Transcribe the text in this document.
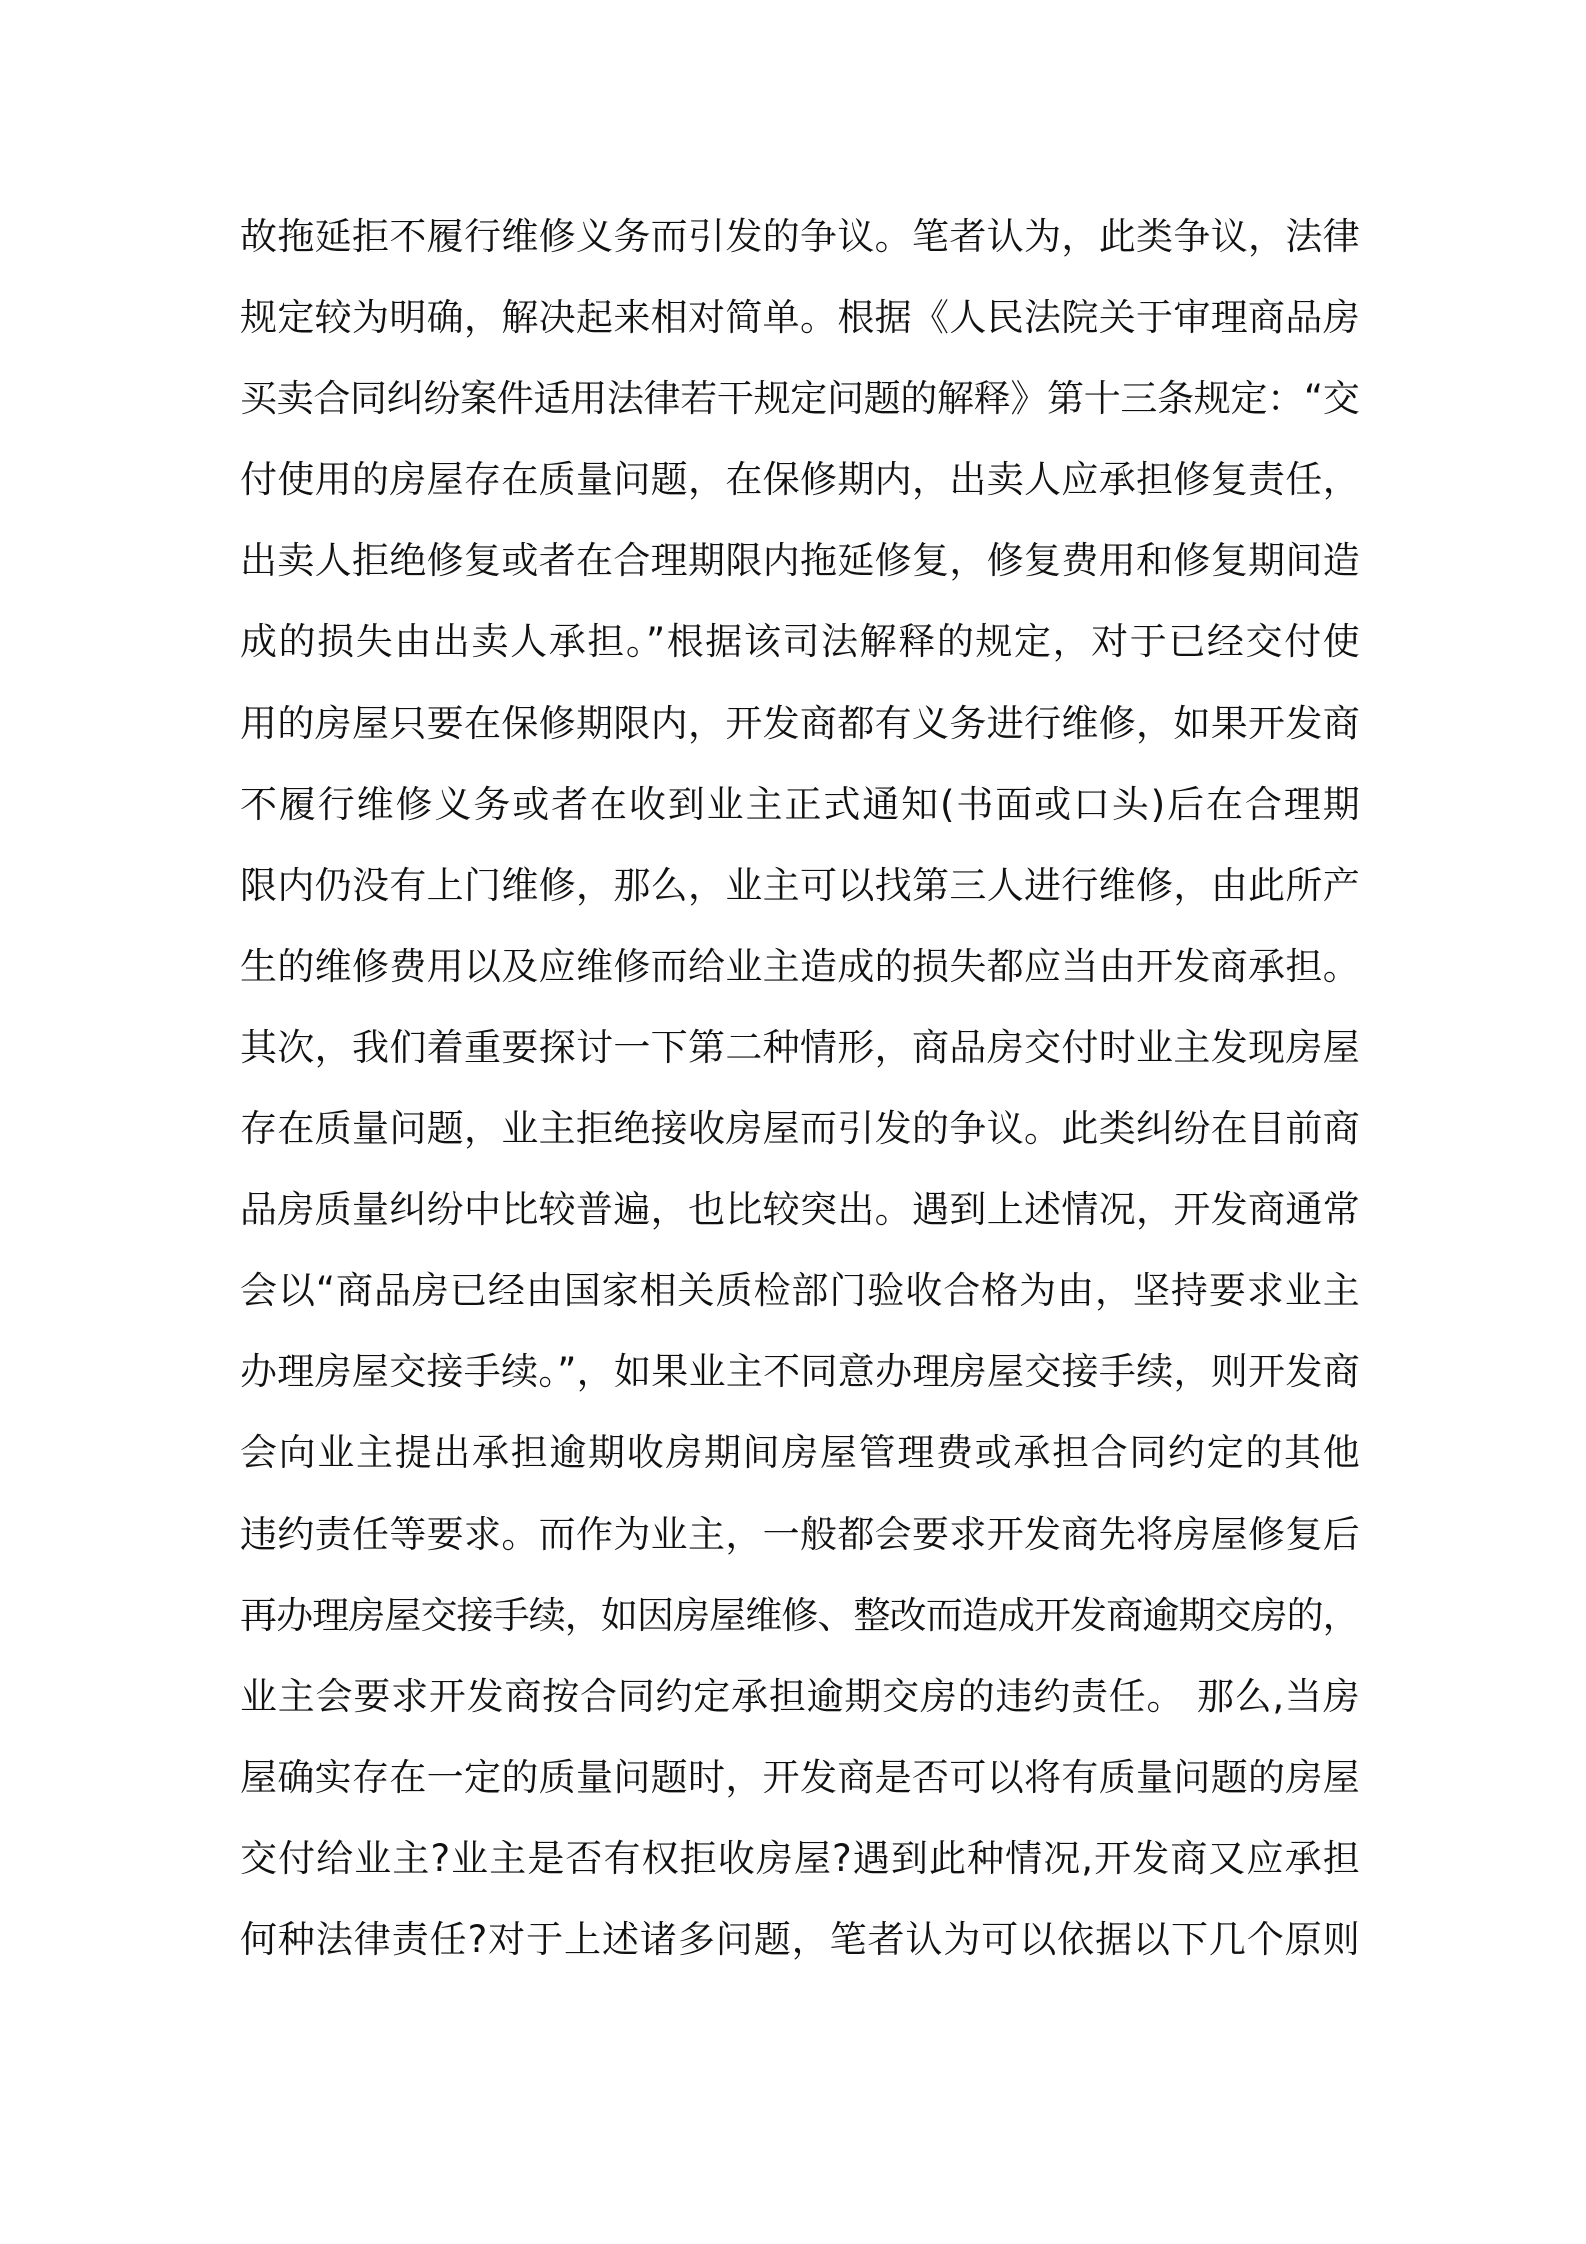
故拖延拒不履行维修义务而引发的争议。笔者认为，此类争议，法律
规定较为明确，解决起来相对简单。根据《人民法院关于审理商品房
买卖合同纠纷案件适用法律若干规定问题的解释》第十三条规定：“交
付使用的房屋存在质量问题，在保修期内，出卖人应承担修复责任，
出卖人拒绝修复或者在合理期限内拖延修复，修复费用和修复期间造
成的损失由出卖人承担。”根据该司法解释的规定，对于已经交付使
用的房屋只要在保修期限内，开发商都有义务进行维修，如果开发商
不履行维修义务或者在收到业主正式通知(书面或口头)后在合理期
限内仍没有上门维修，那么，业主可以找第三人进行维修，由此所产
生的维修费用以及应维修而给业主造成的损失都应当由开发商承担。
其次，我们着重要探讨一下第二种情形，商品房交付时业主发现房屋
存在质量问题，业主拒绝接收房屋而引发的争议。此类纠纷在目前商
品房质量纠纷中比较普遍，也比较突出。遇到上述情况，开发商通常
会以“商品房已经由国家相关质检部门验收合格为由，坚持要求业主
办理房屋交接手续。”，如果业主不同意办理房屋交接手续，则开发商
会向业主提出承担逾期收房期间房屋管理费或承担合同约定的其他
违约责任等要求。而作为业主，一般都会要求开发商先将房屋修复后
再办理房屋交接手续，如因房屋维修、整改而造成开发商逾期交房的，
业主会要求开发商按合同约定承担逾期交房的违约责任。 那么,当房
屋确实存在一定的质量问题时，开发商是否可以将有质量问题的房屋
交付给业主?业主是否有权拒收房屋?遇到此种情况,开发商又应承担
何种法律责任?对于上述诸多问题，笔者认为可以依据以下几个原则
